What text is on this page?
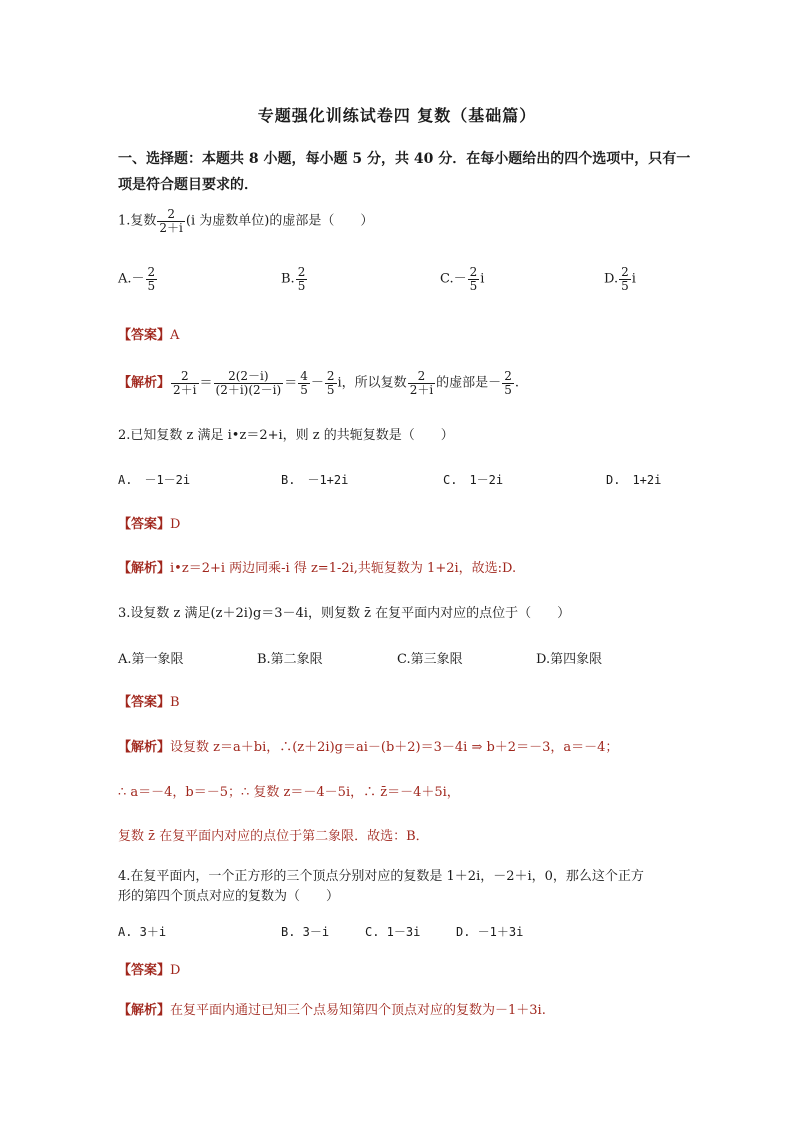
专题强化训练试卷四 复数（基础篇）
一、选择题：本题共 8 小题，每小题 5 分，共 40 分．在每小题给出的四个选项中，只有一
项是符合题目要求的．
1.复数 $\frac{2}{2+i} (i$ 为虚数单位)的虚部是（　　）
$A.- \frac{2}{5}$	B. $\frac{2}{5}$	$C.- \frac{2}{5}$ i	D. $\frac{2}{5}$ i
【答案】A
【解析】 $\frac{2}{2+i} = \frac{2(2-i)}{(2+i)(2-i)} = \frac{4}{5} - \frac{2}{5}$ i，所以复数 $\frac{2}{2+i}$ 的虚部是－ $\frac{2}{5}$ .
2.已知复数 z 满足 i•z＝2+i，则 z 的共轭复数是（　　）
A.　－1－2i	B.　－1+2i	C.　1－2i	D.　1+2i
【答案】D
【解析】i•z＝2+i 两边同乘-i 得 z=1-2i,共轭复数为 1+2i，故选:D.
3.设复数 z 满足(z＋2i)g＝3－4i，则复数 z̄ 在复平面内对应的点位于（　　）
A.第一象限	B.第二象限	C.第三象限	D.第四象限
【答案】B
【解析】设复数 z＝a＋bi，∴(z＋2i)g＝ai－(b＋2)＝3－4i ⇒ b＋2＝－3，a＝－4；
∴ a＝－4，b＝－5；∴ 复数 z＝－4－5i，∴ z̄＝－4＋5i，
复数 z̄ 在复平面内对应的点位于第二象限．故选：B．
4.在复平面内，一个正方形的三个顶点分别对应的复数是 1＋2i，－2＋i，0，那么这个正方
形的第四个顶点对应的复数为（　　）
A. 3＋i	B. 3－i	C. 1－3i	D. －1＋3i
【答案】D
【解析】在复平面内通过已知三个点易知第四个顶点对应的复数为－1＋3i.
